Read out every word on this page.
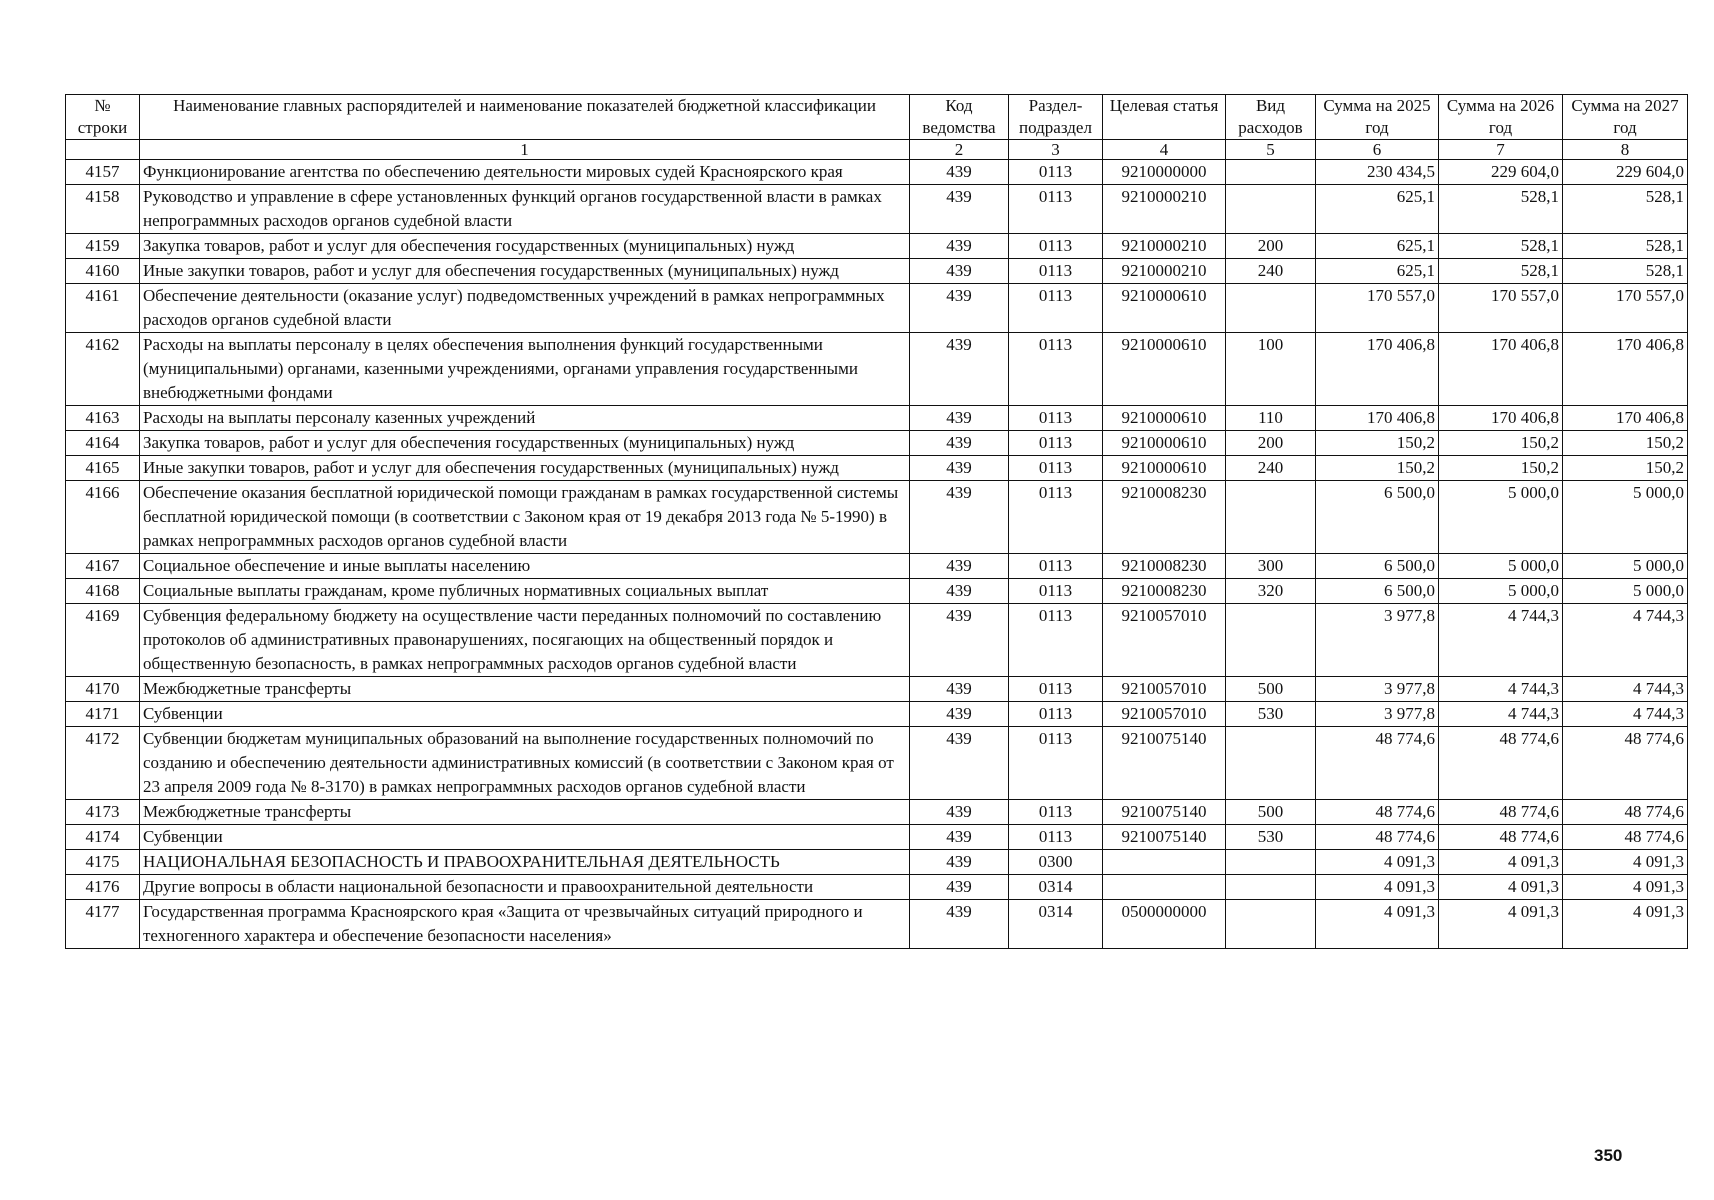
№
строки	Наименование главных распорядителей и наименование показателей бюджетной классификации	Код ведомства	Раздел-подраздел	Целевая статья	Вид расходов	Сумма на 2025 год	Сумма на 2026 год	Сумма на 2027 год
	1	2	3	4	5	6	7	8
4157	Функционирование агентства по обеспечению деятельности мировых судей Красноярского края	439	0113	9210000000		230 434,5	229 604,0	229 604,0
4158	Руководство и управление в сфере установленных функций органов государственной власти в рамках непрограммных расходов органов судебной власти	439	0113	9210000210		625,1	528,1	528,1
4159	Закупка товаров, работ и услуг для обеспечения государственных (муниципальных) нужд	439	0113	9210000210	200	625,1	528,1	528,1
4160	Иные закупки товаров, работ и услуг для обеспечения государственных (муниципальных) нужд	439	0113	9210000210	240	625,1	528,1	528,1
4161	Обеспечение деятельности (оказание услуг) подведомственных учреждений в рамках непрограммных расходов органов судебной власти	439	0113	9210000610		170 557,0	170 557,0	170 557,0
4162	Расходы на выплаты персоналу в целях обеспечения выполнения функций государственными (муниципальными) органами, казенными учреждениями, органами управления государственными внебюджетными фондами	439	0113	9210000610	100	170 406,8	170 406,8	170 406,8
4163	Расходы на выплаты персоналу казенных учреждений	439	0113	9210000610	110	170 406,8	170 406,8	170 406,8
4164	Закупка товаров, работ и услуг для обеспечения государственных (муниципальных) нужд	439	0113	9210000610	200	150,2	150,2	150,2
4165	Иные закупки товаров, работ и услуг для обеспечения государственных (муниципальных) нужд	439	0113	9210000610	240	150,2	150,2	150,2
4166	Обеспечение оказания бесплатной юридической помощи гражданам в рамках государственной системы бесплатной юридической помощи (в соответствии с Законом края от 19 декабря 2013 года № 5-1990) в рамках непрограммных расходов органов судебной власти	439	0113	9210008230		6 500,0	5 000,0	5 000,0
4167	Социальное обеспечение и иные выплаты населению	439	0113	9210008230	300	6 500,0	5 000,0	5 000,0
4168	Социальные выплаты гражданам, кроме публичных нормативных социальных выплат	439	0113	9210008230	320	6 500,0	5 000,0	5 000,0
4169	Субвенция федеральному бюджету на осуществление части переданных полномочий по составлению протоколов об административных правонарушениях, посягающих на общественный порядок и общественную безопасность, в рамках непрограммных расходов органов судебной власти	439	0113	9210057010		3 977,8	4 744,3	4 744,3
4170	Межбюджетные трансферты	439	0113	9210057010	500	3 977,8	4 744,3	4 744,3
4171	Субвенции	439	0113	9210057010	530	3 977,8	4 744,3	4 744,3
4172	Субвенции бюджетам муниципальных образований на выполнение государственных полномочий по созданию и обеспечению деятельности административных комиссий (в соответствии с Законом края от 23 апреля 2009 года № 8-3170) в рамках непрограммных расходов органов судебной власти	439	0113	9210075140		48 774,6	48 774,6	48 774,6
4173	Межбюджетные трансферты	439	0113	9210075140	500	48 774,6	48 774,6	48 774,6
4174	Субвенции	439	0113	9210075140	530	48 774,6	48 774,6	48 774,6
4175	НАЦИОНАЛЬНАЯ БЕЗОПАСНОСТЬ И ПРАВООХРАНИТЕЛЬНАЯ ДЕЯТЕЛЬНОСТЬ	439	0300			4 091,3	4 091,3	4 091,3
4176	Другие вопросы в области национальной безопасности и правоохранительной деятельности	439	0314			4 091,3	4 091,3	4 091,3
4177	Государственная программа Красноярского края «Защита от чрезвычайных ситуаций природного и техногенного характера и обеспечение безопасности населения»	439	0314	0500000000		4 091,3	4 091,3	4 091,3
350
